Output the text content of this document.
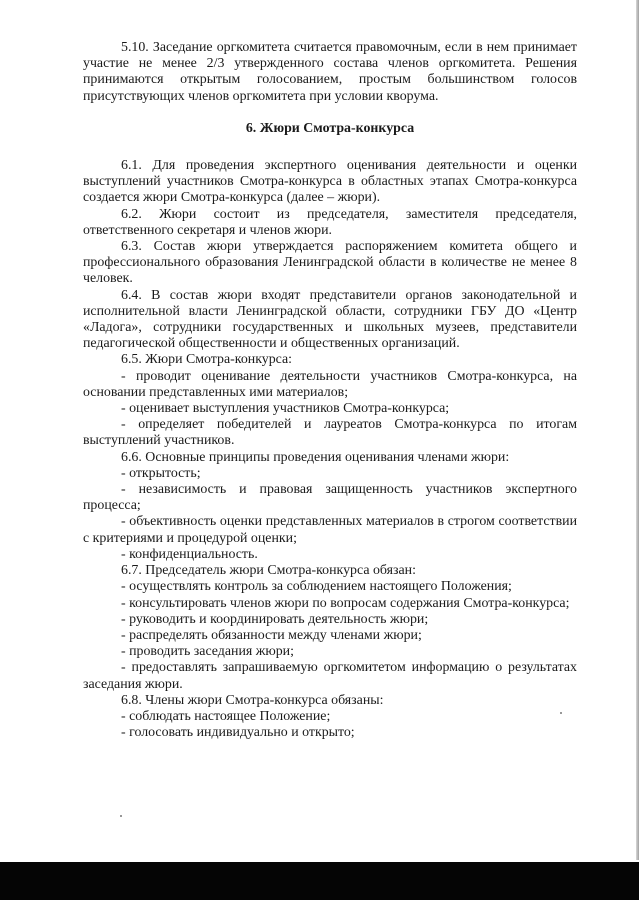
5.10. Заседание оргкомитета считается правомочным, если в нем принимает участие не менее 2/3 утвержденного состава членов оргкомитета. Решения принимаются открытым голосованием, простым большинством голосов присутствующих членов оргкомитета при условии кворума.

6. Жюри Смотра-конкурса

6.1. Для проведения экспертного оценивания деятельности и оценки выступлений участников Смотра-конкурса в областных этапах Смотра-конкурса создается жюри Смотра-конкурса (далее – жюри).

6.2. Жюри состоит из председателя, заместителя председателя, ответственного секретаря и членов жюри.

6.3. Состав жюри утверждается распоряжением комитета общего и профессионального образования Ленинградской области в количестве не менее 8 человек.

6.4. В состав жюри входят представители органов законодательной и исполнительной власти Ленинградской области, сотрудники ГБУ ДО «Центр «Ладога», сотрудники государственных и школьных музеев, представители педагогической общественности и общественных организаций.

6.5. Жюри Смотра-конкурса:

- проводит оценивание деятельности участников Смотра-конкурса, на основании представленных ими материалов;

- оценивает выступления участников Смотра-конкурса;

- определяет победителей и лауреатов Смотра-конкурса по итогам выступлений участников.

6.6. Основные принципы проведения оценивания членами жюри:

- открытость;

- независимость и правовая защищенность участников экспертного процесса;

- объективность оценки представленных материалов в строгом соответствии с критериями и процедурой оценки;

- конфиденциальность.

6.7. Председатель жюри Смотра-конкурса обязан:

- осуществлять контроль за соблюдением настоящего Положения;

- консультировать членов жюри по вопросам содержания Смотра-конкурса;

- руководить и координировать деятельность жюри;

- распределять обязанности между членами жюри;

- проводить заседания жюри;

- предоставлять запрашиваемую оргкомитетом информацию о результатах заседания жюри.

6.8. Члены жюри Смотра-конкурса обязаны:

- соблюдать настоящее Положение;

- голосовать индивидуально и открыто;
